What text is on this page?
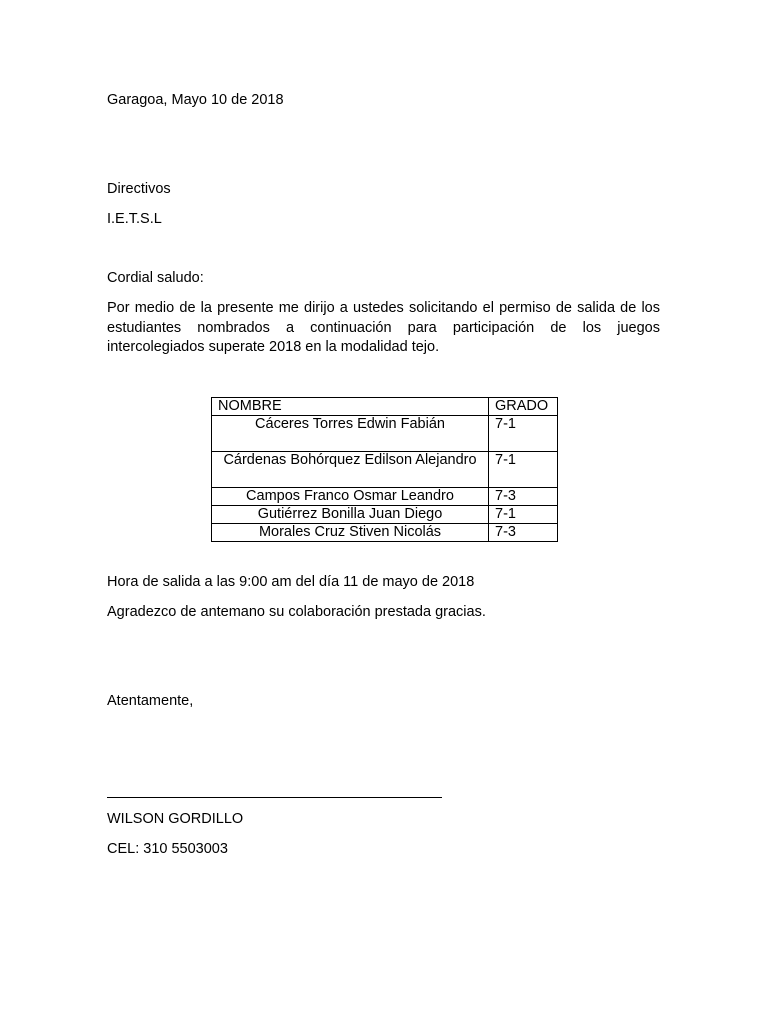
Garagoa, Mayo 10 de 2018
Directivos
I.E.T.S.L
Cordial saludo:
Por medio de la presente me dirijo a ustedes solicitando el permiso de salida de los estudiantes nombrados a continuación para participación de los juegos intercolegiados superate 2018 en la modalidad tejo.
NOMBRE	GRADO
Cáceres Torres Edwin Fabián	7-1
Cárdenas Bohórquez Edilson Alejandro	7-1
Campos Franco Osmar Leandro	7-3
Gutiérrez Bonilla Juan Diego	7-1
Morales Cruz Stiven Nicolás	7-3
Hora de salida a las 9:00 am del día 11 de mayo de 2018
Agradezco de antemano su colaboración prestada gracias.
Atentamente,
WILSON GORDILLO
CEL: 310 5503003
